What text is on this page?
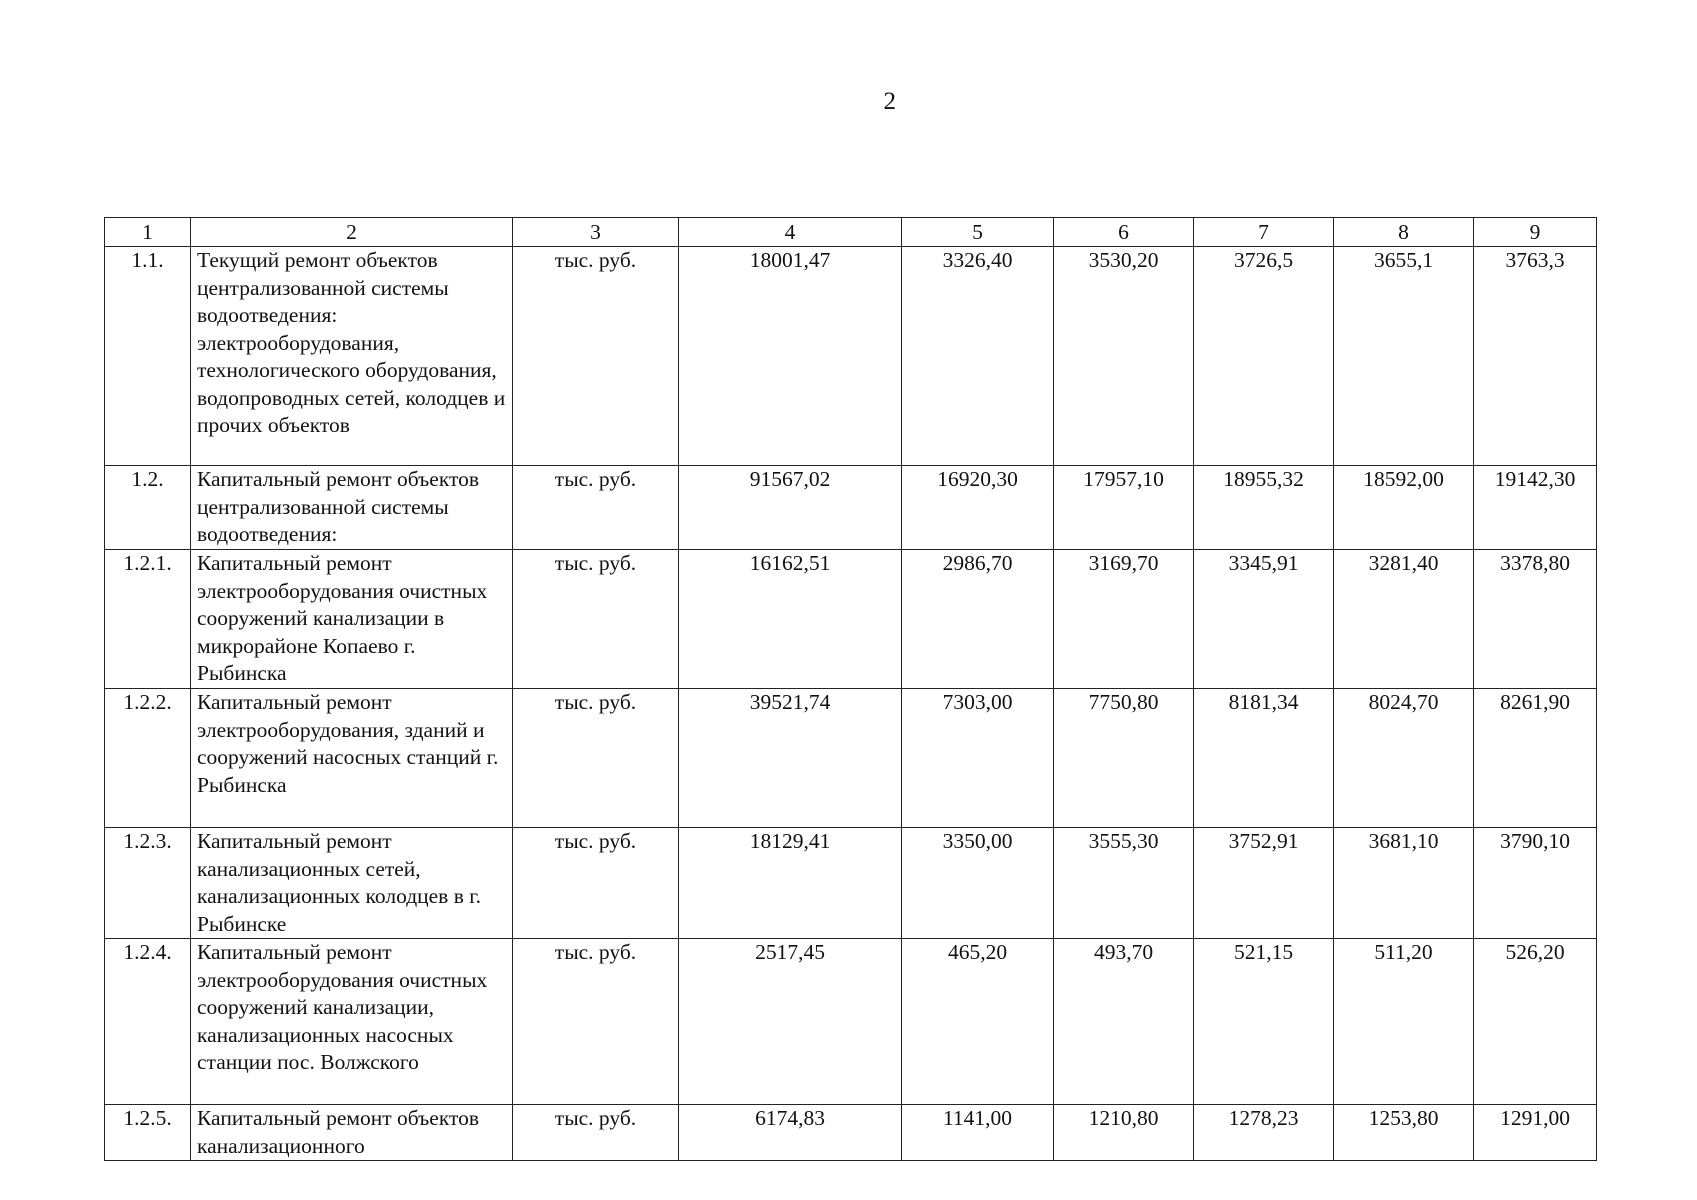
2
1	2	3	4	5	6	7	8	9
1.1.	Текущий ремонт объектов централизованной системы водоотведения: электрооборудования, технологического оборудования, водопроводных сетей, колодцев и прочих объектов	тыс. руб.	18001,47	3326,40	3530,20	3726,5	3655,1	3763,3
1.2.	Капитальный ремонт объектов централизованной системы водоотведения:	тыс. руб.	91567,02	16920,30	17957,10	18955,32	18592,00	19142,30
1.2.1.	Капитальный ремонт электрооборудования очистных сооружений канализации в микрорайоне Копаево г. Рыбинска	тыс. руб.	16162,51	2986,70	3169,70	3345,91	3281,40	3378,80
1.2.2.	Капитальный ремонт электрооборудования, зданий и сооружений насосных станций г. Рыбинска	тыс. руб.	39521,74	7303,00	7750,80	8181,34	8024,70	8261,90
1.2.3.	Капитальный ремонт канализационных сетей, канализационных колодцев в г. Рыбинске	тыс. руб.	18129,41	3350,00	3555,30	3752,91	3681,10	3790,10
1.2.4.	Капитальный ремонт электрооборудования очистных сооружений канализации, канализационных насосных станции пос. Волжского	тыс. руб.	2517,45	465,20	493,70	521,15	511,20	526,20
1.2.5.	Капитальный ремонт объектов канализационного	тыс. руб.	6174,83	1141,00	1210,80	1278,23	1253,80	1291,00
